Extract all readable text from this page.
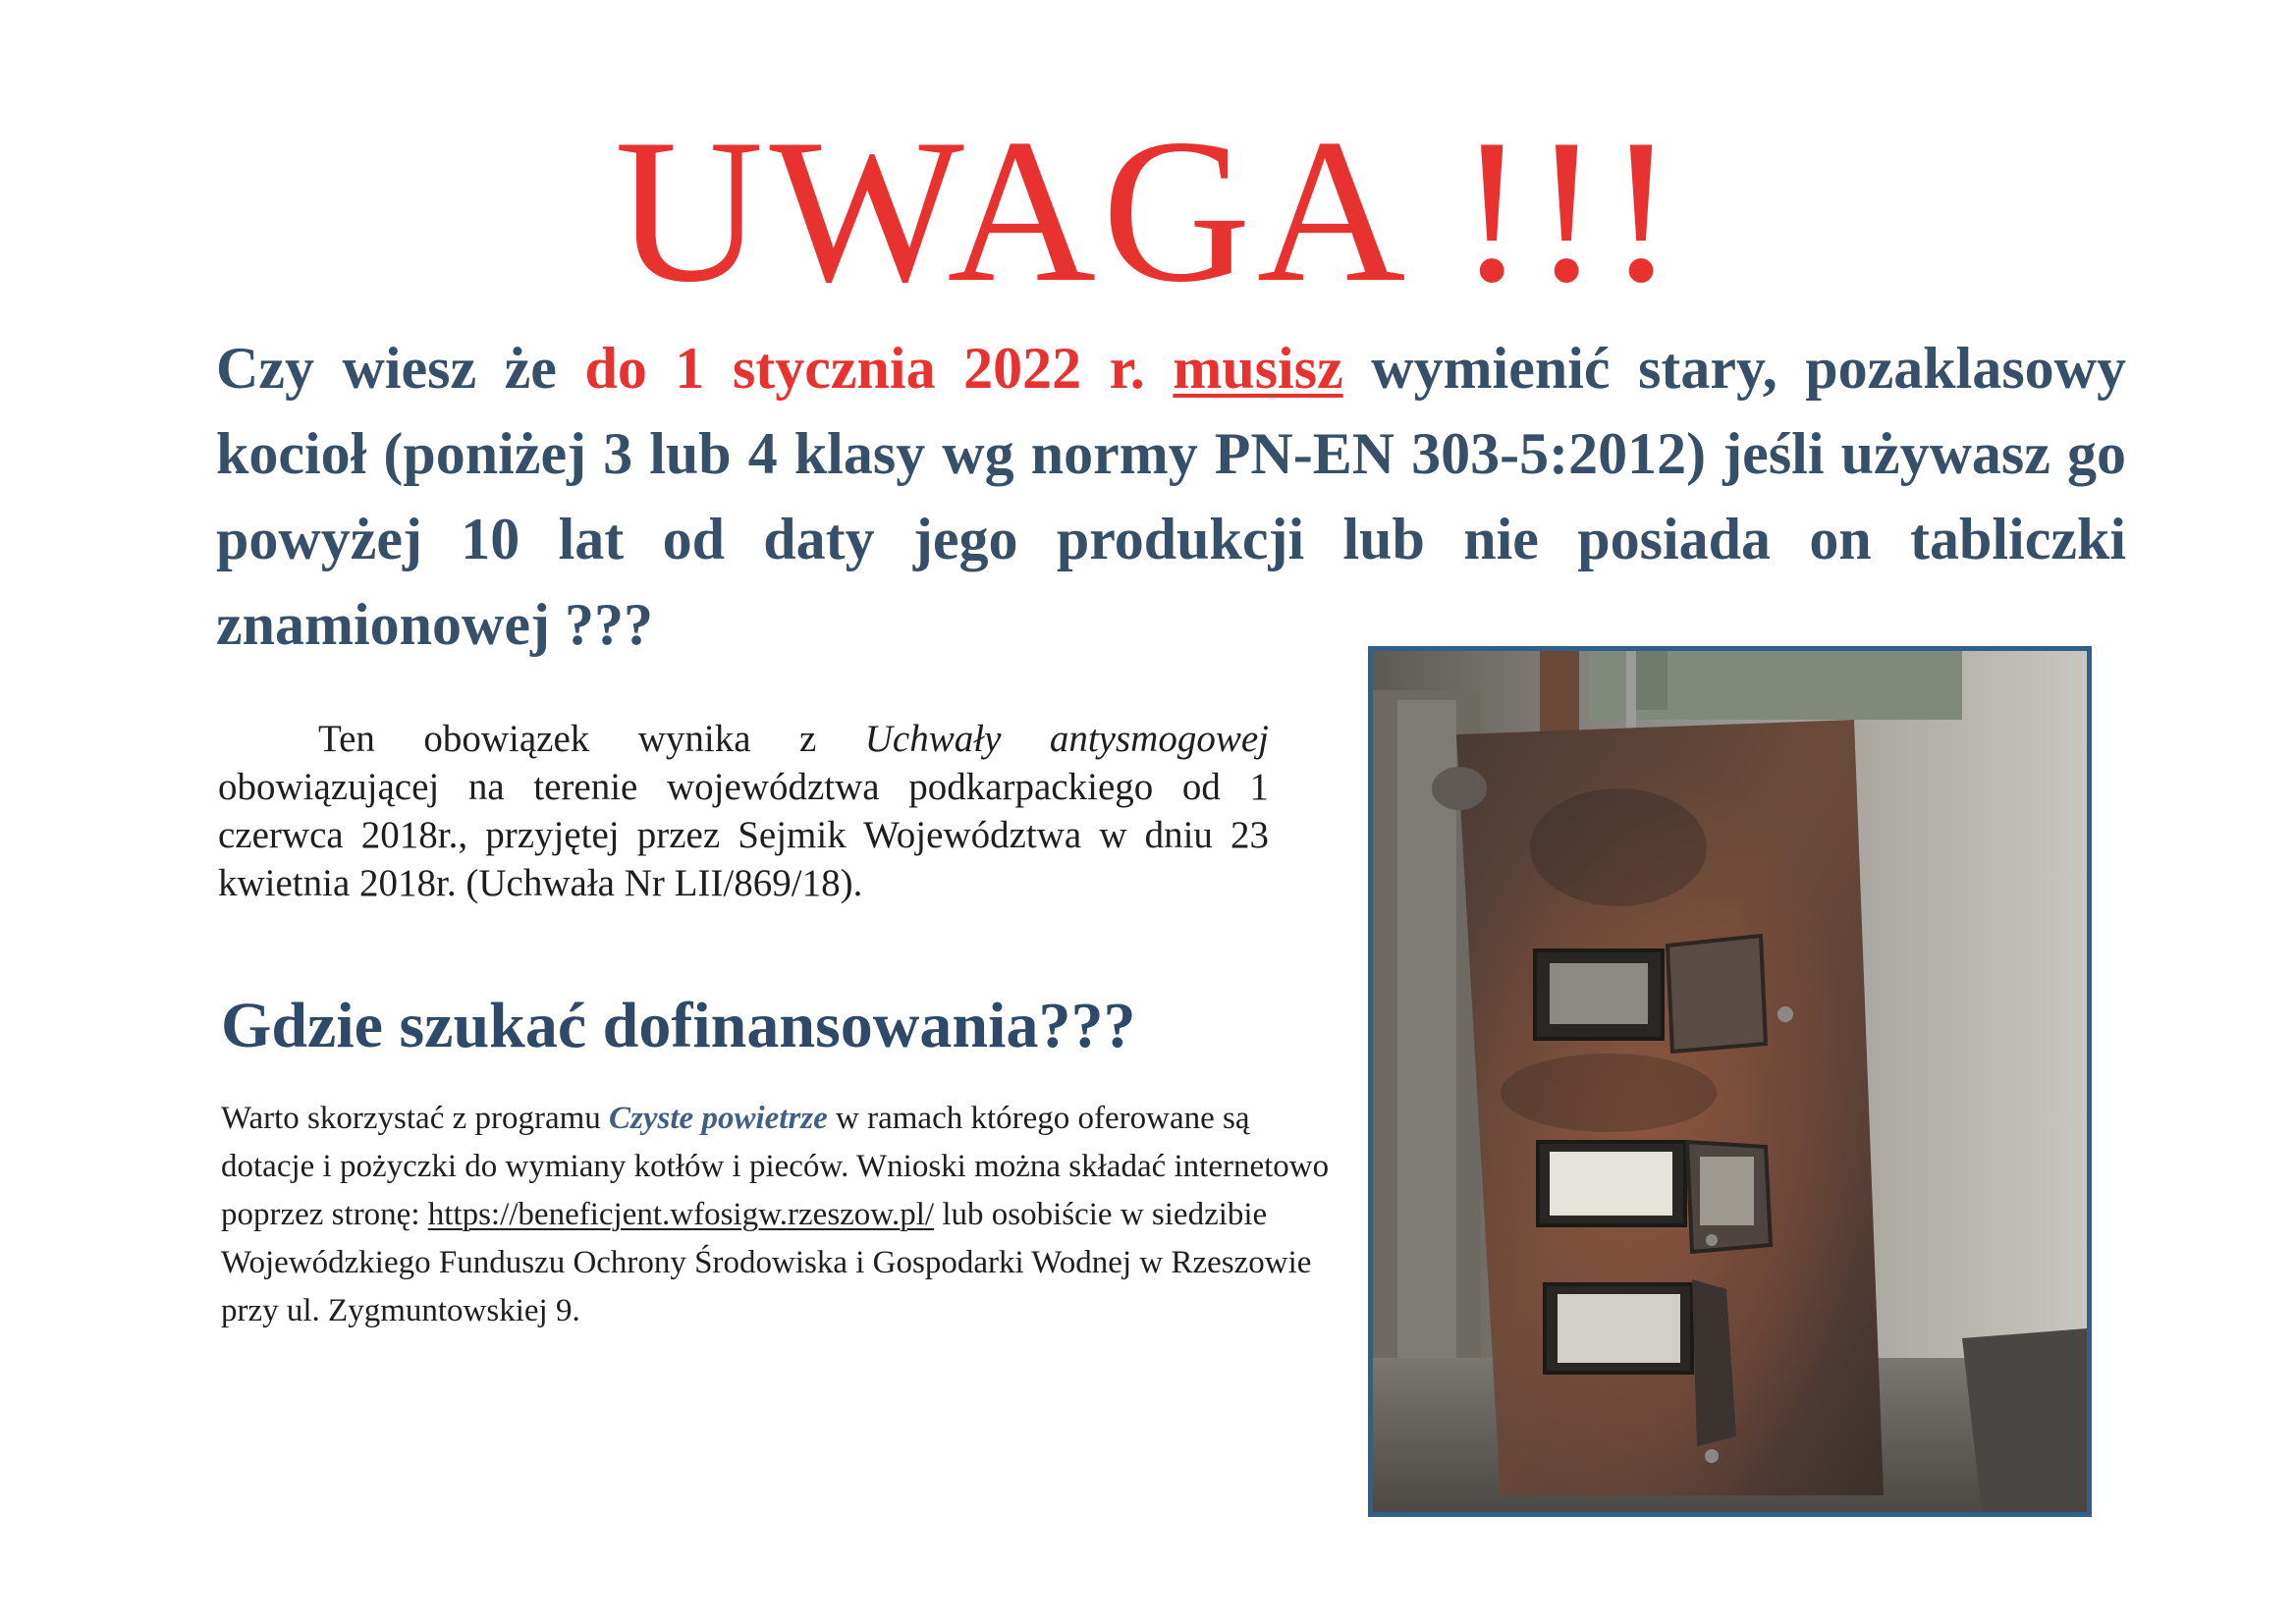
UWAGA !!!
Czy wiesz że do 1 stycznia 2022 r. musisz wymienić stary, pozaklasowy kocioł (poniżej 3 lub 4 klasy wg normy PN-EN 303-5:2012) jeśli używasz go powyżej 10 lat od daty jego produkcji lub nie posiada on tabliczki znamionowej ???
Ten obowiązek wynika z Uchwały antysmogowej obowiązującej na terenie województwa podkarpackiego od 1 czerwca 2018r., przyjętej przez Sejmik Województwa w dniu 23 kwietnia 2018r. (Uchwała Nr LII/869/18).
Gdzie szukać dofinansowania???
Warto skorzystać z programu Czyste powietrze w ramach którego oferowane są dotacje i pożyczki do wymiany kotłów i pieców. Wnioski można składać internetowo poprzez stronę: https://beneficjent.wfosigw.rzeszow.pl/ lub osobiście w siedzibie Wojewódzkiego Funduszu Ochrony Środowiska i Gospodarki Wodnej w Rzeszowie przy ul. Zygmuntowskiej 9.
